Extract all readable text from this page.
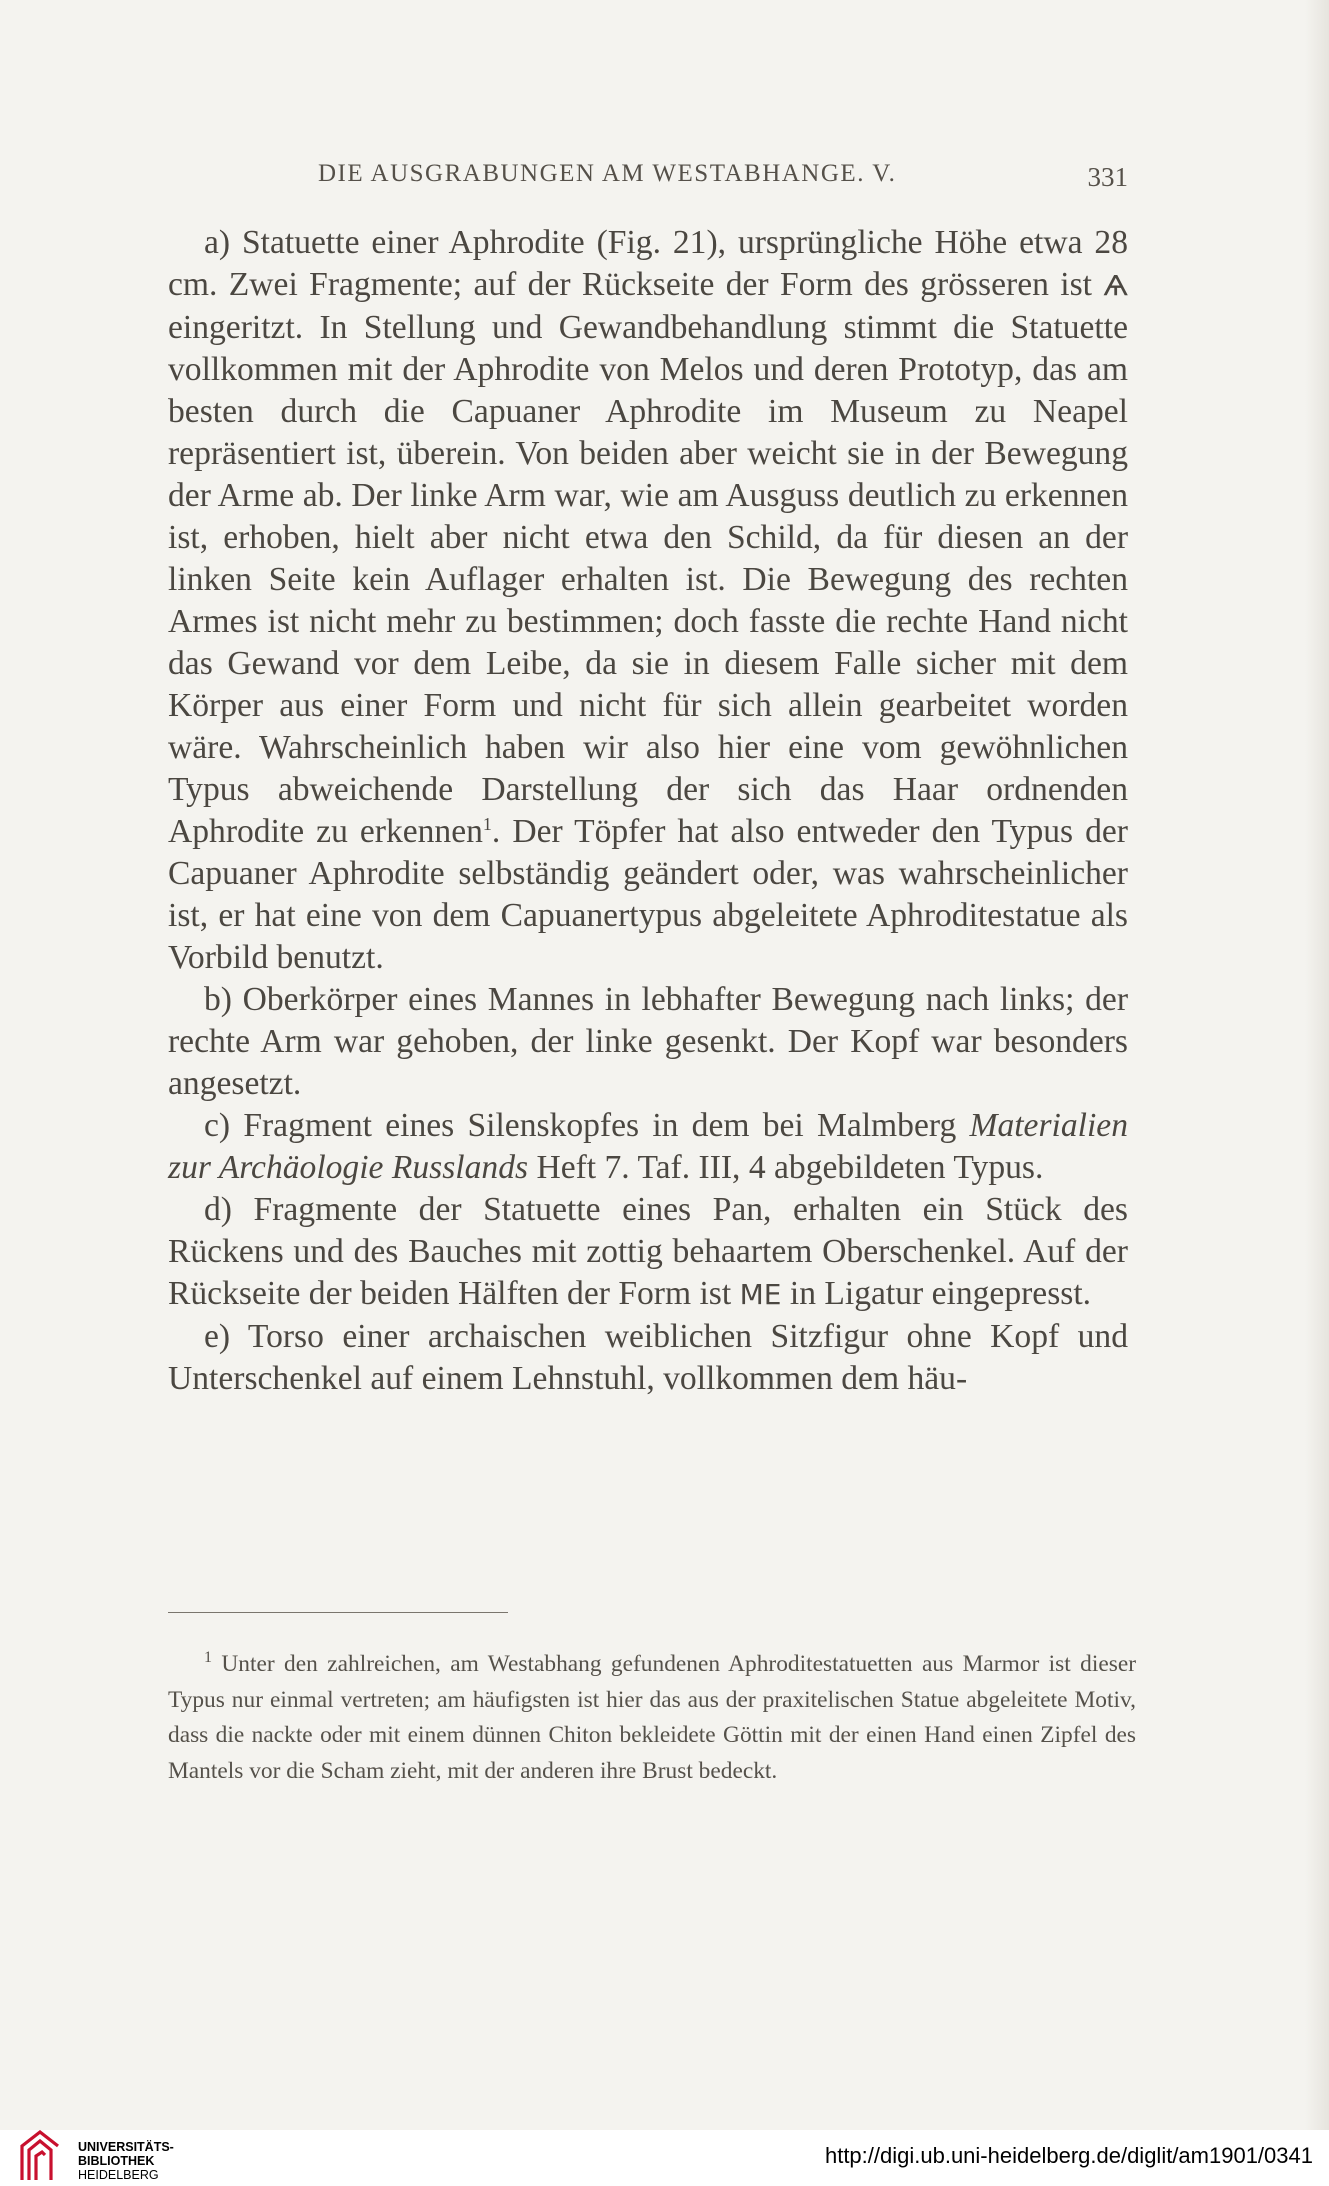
DIE AUSGRABUNGEN AM WESTABHANGE. V.	331

a) Statuette einer Aphrodite (Fig. 21), ursprüngliche Höhe etwa 28 cm. Zwei Fragmente; auf der Rückseite der Form des grösseren ist Ѧ eingeritzt. In Stellung und Gewandbehandlung stimmt die Statuette vollkommen mit der Aphrodite von Melos und deren Prototyp, das am besten durch die Capuaner Aphrodite im Museum zu Neapel repräsentiert ist, überein. Von beiden aber weicht sie in der Bewegung der Arme ab. Der linke Arm war, wie am Ausguss deutlich zu erkennen ist, erhoben, hielt aber nicht etwa den Schild, da für diesen an der linken Seite kein Auflager erhalten ist. Die Bewegung des rechten Armes ist nicht mehr zu bestimmen; doch fasste die rechte Hand nicht das Gewand vor dem Leibe, da sie in diesem Falle sicher mit dem Körper aus einer Form und nicht für sich allein gearbeitet worden wäre. Wahrscheinlich haben wir also hier eine vom gewöhnlichen Typus abweichende Darstellung der sich das Haar ordnenden Aphrodite zu erkennen$^1$. Der Töpfer hat also entweder den Typus der Capuaner Aphrodite selbständig geändert oder, was wahrscheinlicher ist, er hat eine von dem Capuanertypus abgeleitete Aphroditestatue als Vorbild benutzt.

b) Oberkörper eines Mannes in lebhafter Bewegung nach links; der rechte Arm war gehoben, der linke gesenkt. Der Kopf war besonders angesetzt.

c) Fragment eines Silenskopfes in dem bei Malmberg Materialien zur Archäologie Russlands Heft 7. Taf. III, 4 abgebildeten Typus.

d) Fragmente der Statuette eines Pan, erhalten ein Stück des Rückens und des Bauches mit zottig behaartem Oberschenkel. Auf der Rückseite der beiden Hälften der Form ist ΜΕ in Ligatur eingepresst.

e) Torso einer archaischen weiblichen Sitzfigur ohne Kopf und Unterschenkel auf einem Lehnstuhl, vollkommen dem häu-

$^1$ Unter den zahlreichen, am Westabhang gefundenen Aphroditestatuetten aus Marmor ist dieser Typus nur einmal vertreten; am häufigsten ist hier das aus der praxitelischen Statue abgeleitete Motiv, dass die nackte oder mit einem dünnen Chiton bekleidete Göttin mit der einen Hand einen Zipfel des Mantels vor die Scham zieht, mit der anderen ihre Brust bedeckt.

UNIVERSITÄTS-
BIBLIOTHEK
HEIDELBERG
http://digi.ub.uni-heidelberg.de/diglit/am1901/0341
